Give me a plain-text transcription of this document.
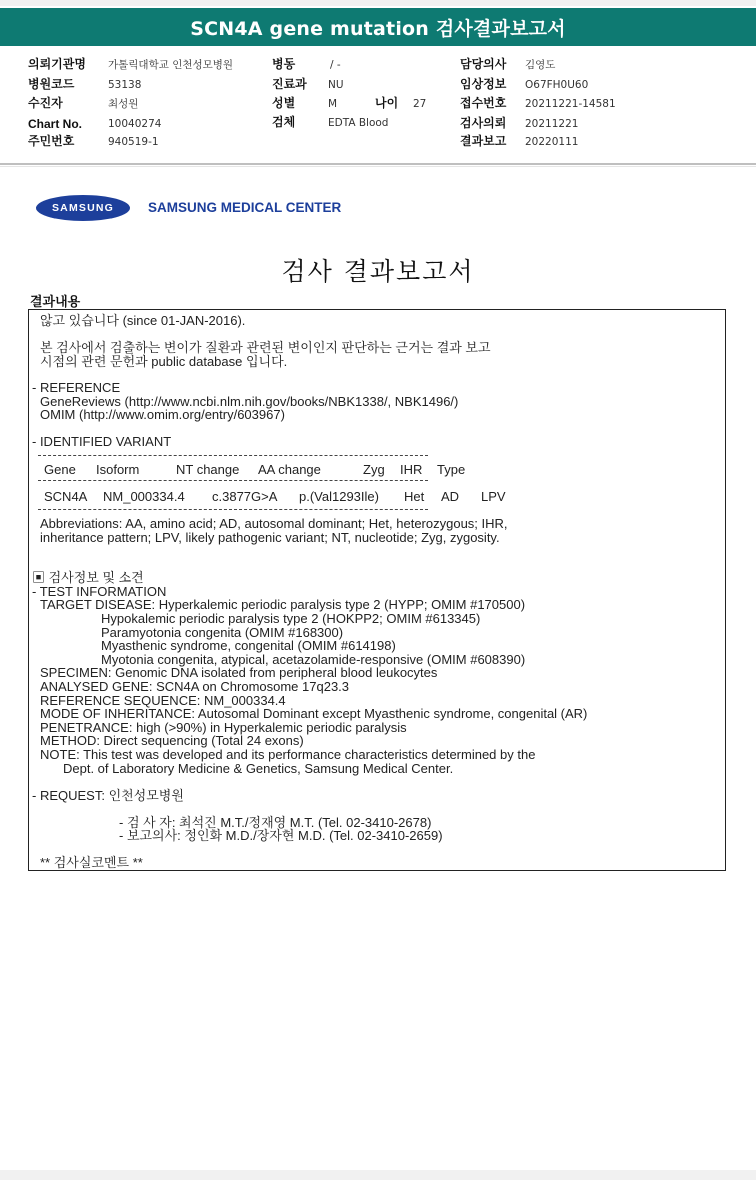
SCN4A gene mutation 검사결과보고서
의뢰기관명 가톨릭대학교 인천성모병원
병원코드	53138
수진자	최성원
Chart No. 10040274
주민번호	940519-1
병동	/ -
진료과 NU
성별	M	나이 27
검체	EDTA Blood
담당의사 김영도
임상정보 O67FH0U60
접수번호 20211221-14581
검사의뢰 20211221
결과보고 20220111
SAMSUNG	SAMSUNG MEDICAL CENTER
검사 결과보고서
결과내용
않고 있습니다 (since 01-JAN-2016).
본 검사에서 검출하는 변이가 질환과 관련된 변이인지 판단하는 근거는 결과 보고
시점의 관련 문헌과 public database 입니다.
- REFERENCE
GeneReviews (http://www.ncbi.nlm.nih.gov/books/NBK1338/, NBK1496/)
OMIM (http://www.omim.org/entry/603967)
- IDENTIFIED VARIANT
Gene Isoform	NT change AA change	Zyg IHR Type
SCN4A NM_000334.4 c.3877G>A p.(Val1293Ile) Het AD LPV
Abbreviations: AA, amino acid; AD, autosomal dominant; Het, heterozygous; IHR,
inheritance pattern; LPV, likely pathogenic variant; NT, nucleotide; Zyg, zygosity.
▣ 검사정보 및 소견
- TEST INFORMATION
TARGET DISEASE: Hyperkalemic periodic paralysis type 2 (HYPP; OMIM #170500)
Hypokalemic periodic paralysis type 2 (HOKPP2; OMIM #613345)
Paramyotonia congenita (OMIM #168300)
Myasthenic syndrome, congenital (OMIM #614198)
Myotonia congenita, atypical, acetazolamide-responsive (OMIM #608390)
SPECIMEN: Genomic DNA isolated from peripheral blood leukocytes
ANALYSED GENE: SCN4A on Chromosome 17q23.3
REFERENCE SEQUENCE: NM_000334.4
MODE OF INHERITANCE: Autosomal Dominant except Myasthenic syndrome, congenital (AR)
PENETRANCE: high (>90%) in Hyperkalemic periodic paralysis
METHOD: Direct sequencing (Total 24 exons)
NOTE: This test was developed and its performance characteristics determined by the
Dept. of Laboratory Medicine & Genetics, Samsung Medical Center.
- REQUEST: 인천성모병원
- 검 사 자: 최석진 M.T./정재영 M.T. (Tel. 02-3410-2678)
- 보고의사: 정인화 M.D./장자현 M.D. (Tel. 02-3410-2659)
** 검사실코멘트 **
